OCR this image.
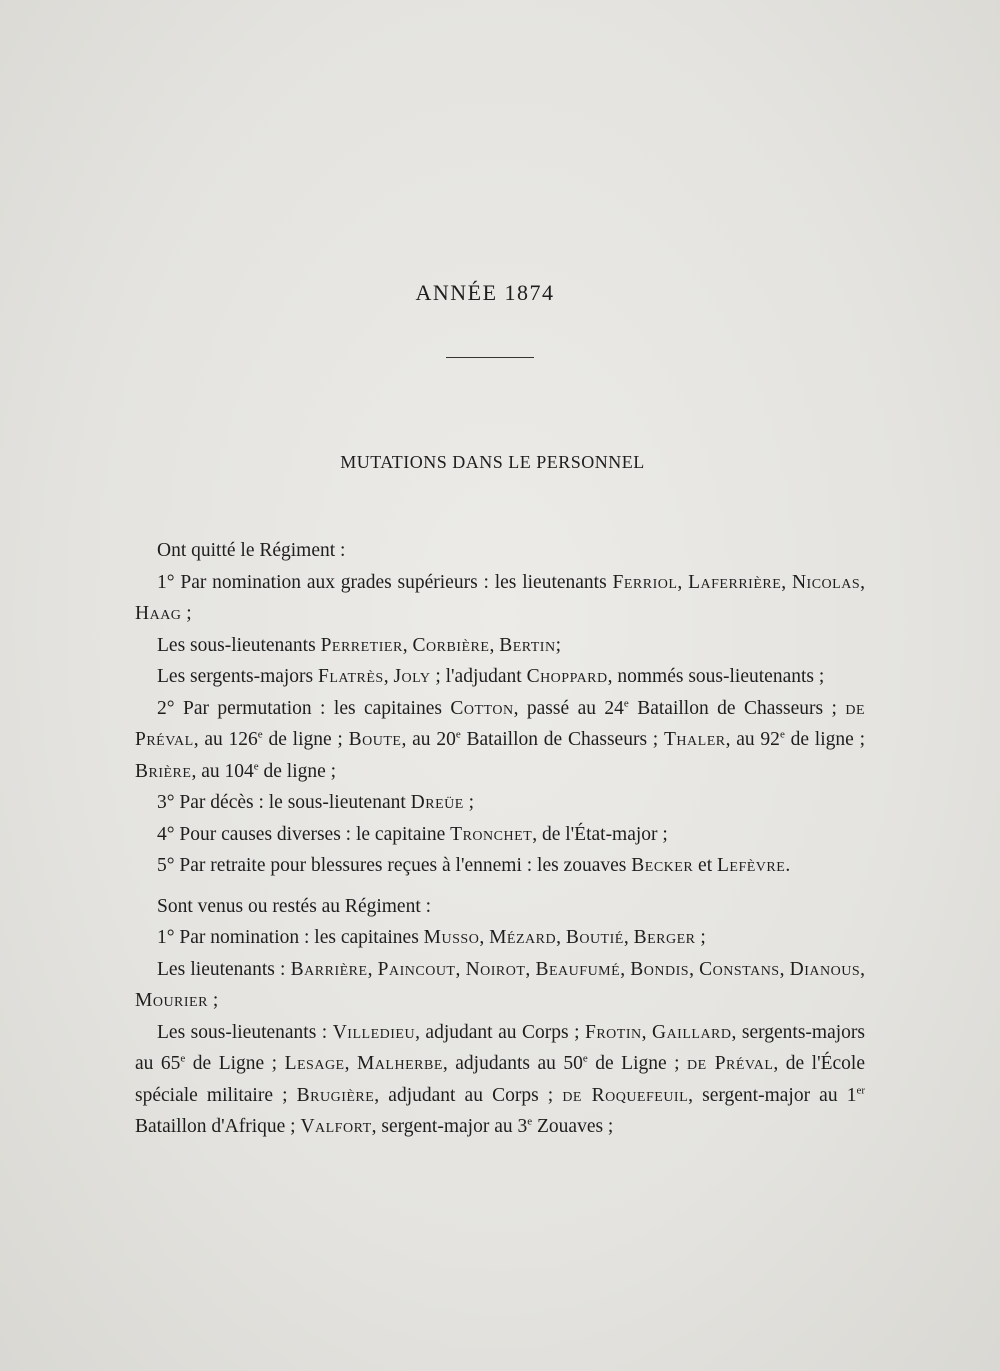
ANNÉE 1874
MUTATIONS DANS LE PERSONNEL

Ont quitté le Régiment :

1° Par nomination aux grades supérieurs : les lieutenants Ferriol, Laferrière, Nicolas, Haag ;

Les sous-lieutenants Perretier, Corbière, Bertin;

Les sergents-majors Flatrès, Joly ; l'adjudant Choppard, nommés sous-lieutenants ;

2° Par permutation : les capitaines Cotton, passé au 24e Bataillon de Chasseurs ; de Préval, au 126e de ligne ; Boute, au 20e Bataillon de Chasseurs ; Thaler, au 92e de ligne ; Brière, au 104e de ligne ;

3° Par décès : le sous-lieutenant Dreüe ;

4° Pour causes diverses : le capitaine Tronchet, de l'État-major ;

5° Par retraite pour blessures reçues à l'ennemi : les zouaves Becker et Lefèvre.

Sont venus ou restés au Régiment :

1° Par nomination : les capitaines Musso, Mézard, Boutié, Berger ;

Les lieutenants : Barrière, Paincout, Noirot, Beaufumé, Bondis, Constans, Dianous, Mourier ;

Les sous-lieutenants : Villedieu, adjudant au Corps ; Frotin, Gaillard, sergents-majors au 65e de Ligne ; Lesage, Malherbe, adjudants au 50e de Ligne ; de Préval, de l'École spéciale militaire ; Brugière, adjudant au Corps ; de Roquefeuil, sergent-major au 1er Bataillon d'Afrique ; Valfort, sergent-major au 3e Zouaves ;
